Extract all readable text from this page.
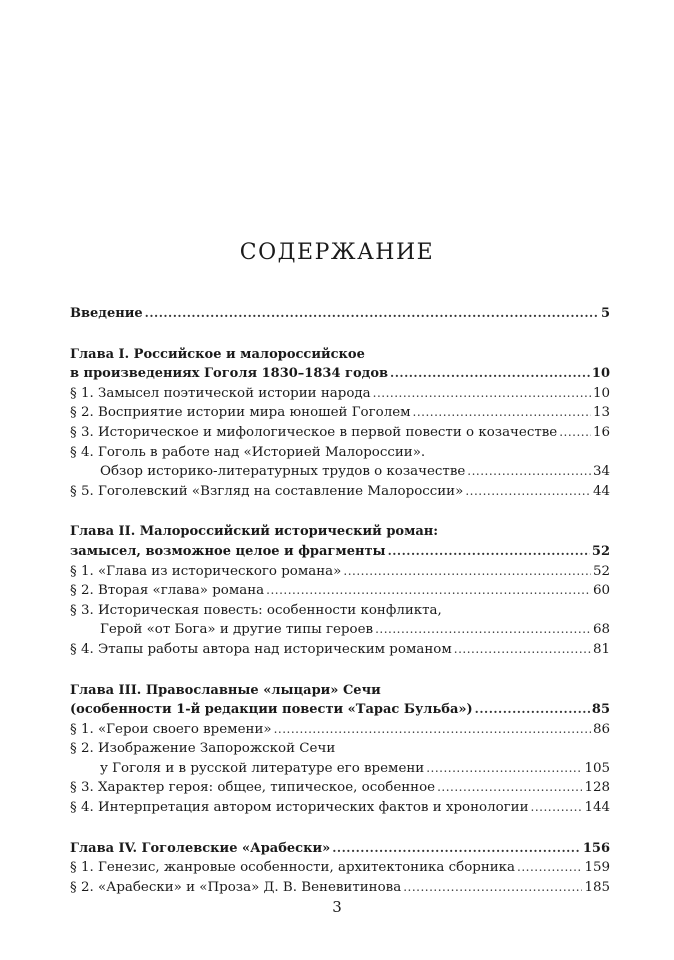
СОДЕРЖАНИЕ
Введение .....	5
Глава I. Российское и малороссийское
в произведениях Гоголя 1830–1834 годов .....	10
§ 1. Замысел поэтической истории народа .....	10
§ 2. Восприятие истории мира юношей Гоголем .....	13
§ 3. Историческое и мифологическое в первой повести о козачестве .....	16
§ 4. Гоголь в работе над «Историей Малороссии».
Обзор историко-литературных трудов о козачестве .....	34
§ 5. Гоголевский «Взгляд на составление Малороссии» .....	44
Глава II. Малороссийский исторический роман:
замысел, возможное целое и фрагменты .....	52
§ 1. «Глава из исторического романа» .....	52
§ 2. Вторая «глава» романа .....	60
§ 3. Историческая повесть: особенности конфликта,
Герой «от Бога» и другие типы героев .....	68
§ 4. Этапы работы автора над историческим романом .....	81
Глава III. Православные «лыцари» Сечи
(особенности 1-й редакции повести «Тарас Бульба») .....	85
§ 1. «Герои своего времени» .....	86
§ 2. Изображение Запорожской Сечи
у Гоголя и в русской литературе его времени .....	105
§ 3. Характер героя: общее, типическое, особенное .....	128
§ 4. Интерпретация автором исторических фактов и хронологии .....	144
Глава IV. Гоголевские «Арабески» .....	156
§ 1. Генезис, жанровые особенности, архитектоника сборника .....	159
§ 2. «Арабески» и «Проза» Д. В. Веневитинова .....	185
3
